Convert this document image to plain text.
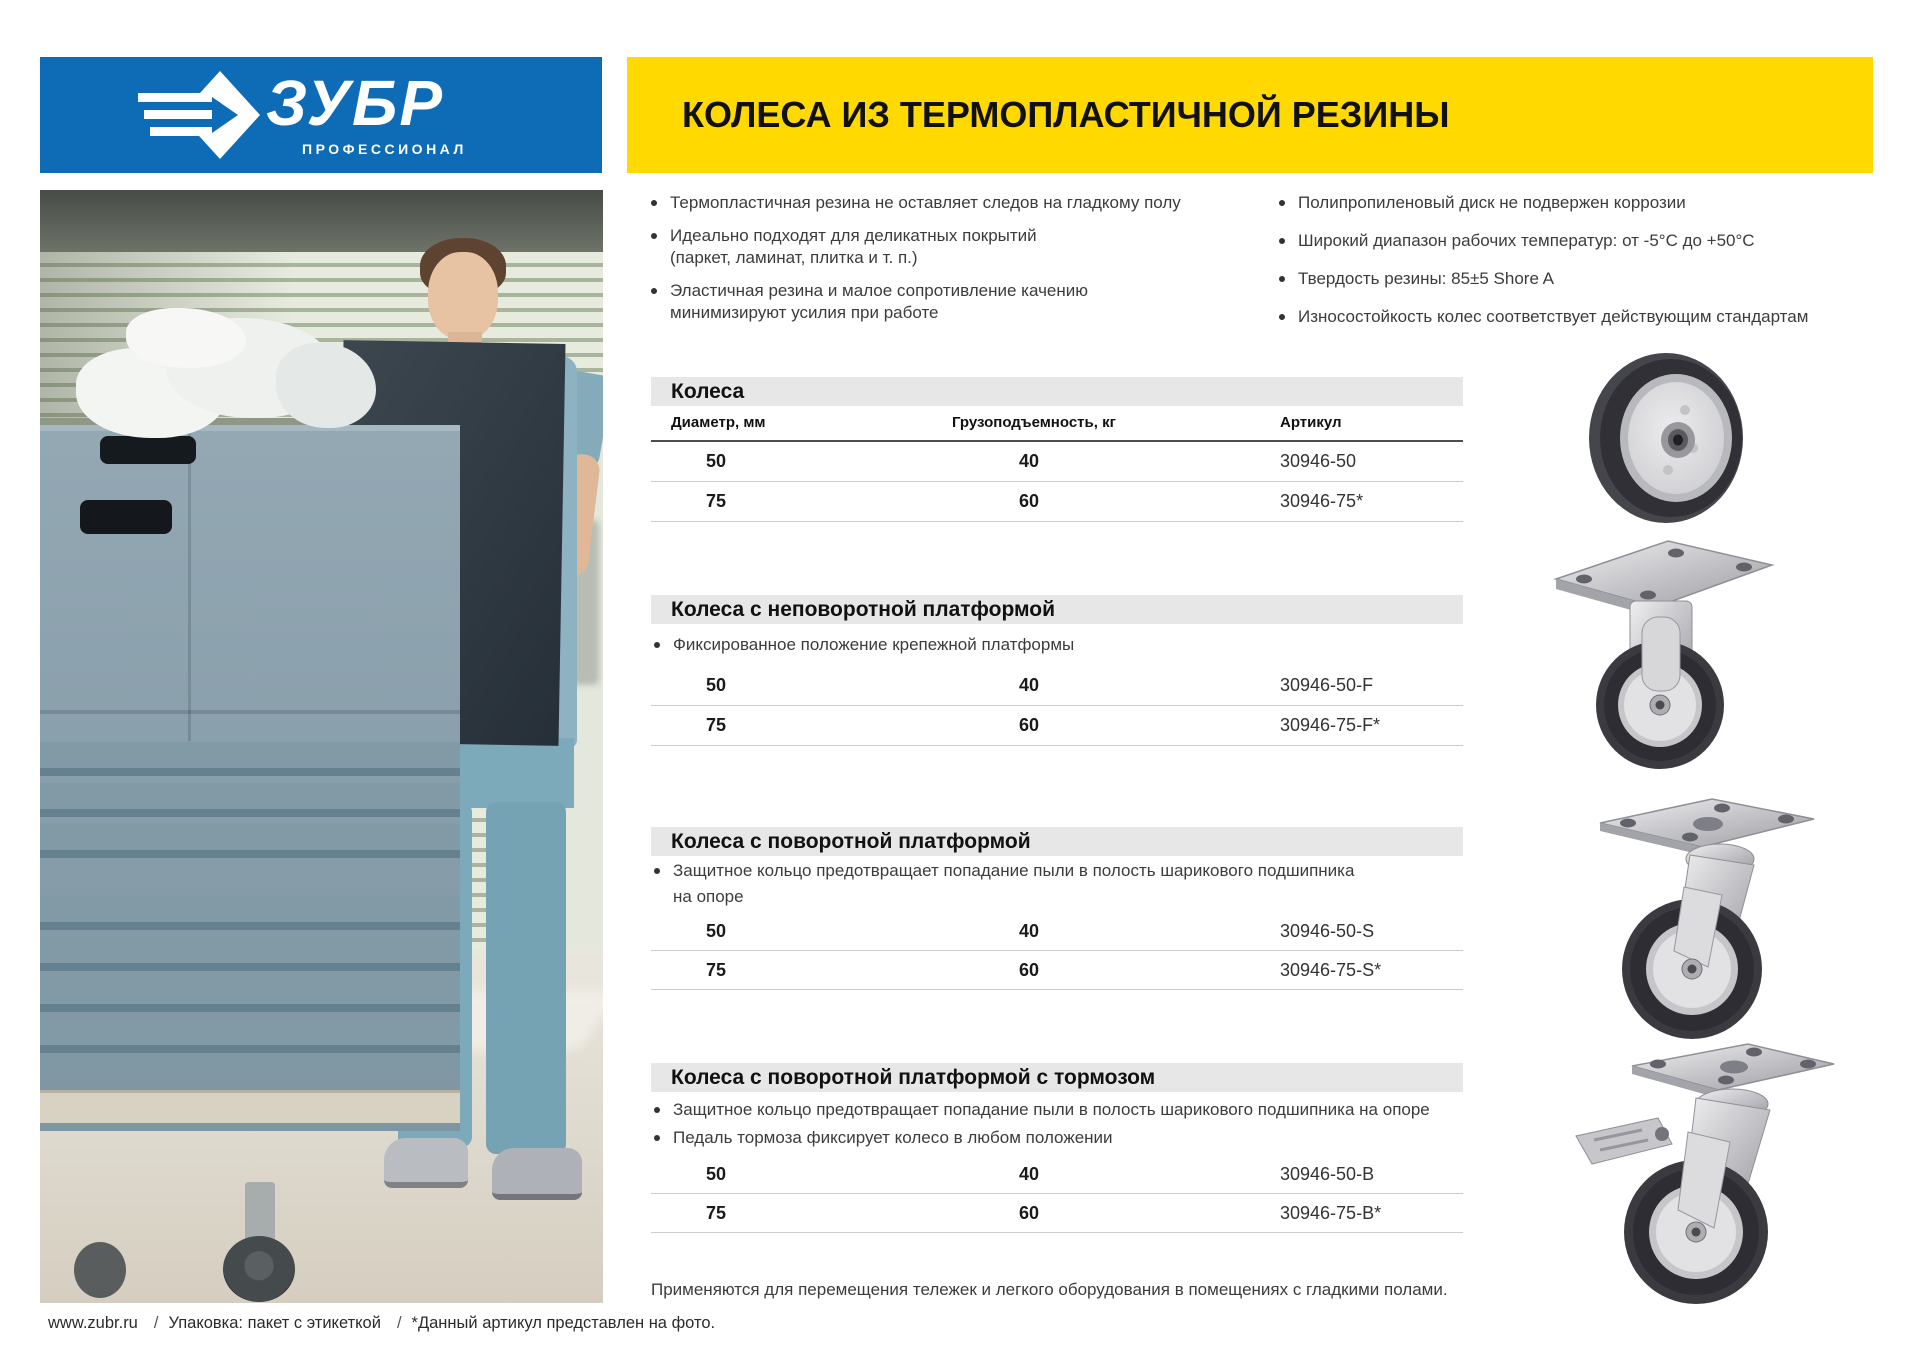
ЗУБР
ПРОФЕССИОНАЛ
КОЛЕСА ИЗ ТЕРМОПЛАСТИЧНОЙ РЕЗИНЫ
Термопластичная резина не оставляет следов на гладкому полу
Идеально подходят для деликатных покрытий (паркет, ламинат, плитка и т. п.)
Эластичная резина и малое сопротивление качению минимизируют усилия при работе
Полипропиленовый диск не подвержен коррозии
Широкий диапазон рабочих температур: от -5°С до +50°С
Твердость резины: 85±5 Shore A
Износостойкость колес соответствует действующим стандартам
Колеса
Диаметр, мм	Грузоподъемность, кг	Артикул
50	40	30946-50
75	60	30946-75*
Колеса с неповоротной платформой
Фиксированное положение крепежной платформы
50	40	30946-50-F
75	60	30946-75-F*
Колеса с поворотной платформой
Защитное кольцо предотвращает попадание пыли в полость шарикового подшипника на опоре
50	40	30946-50-S
75	60	30946-75-S*
Колеса с поворотной платформой с тормозом
Защитное кольцо предотвращает попадание пыли в полость шарикового подшипника на опоре
Педаль тормоза фиксирует колесо в любом положении
50	40	30946-50-B
75	60	30946-75-B*
Применяются для перемещения тележек и легкого оборудования в помещениях с гладкими полами.
www.zubr.ru / Упаковка: пакет с этикеткой / *Данный артикул представлен на фото.
